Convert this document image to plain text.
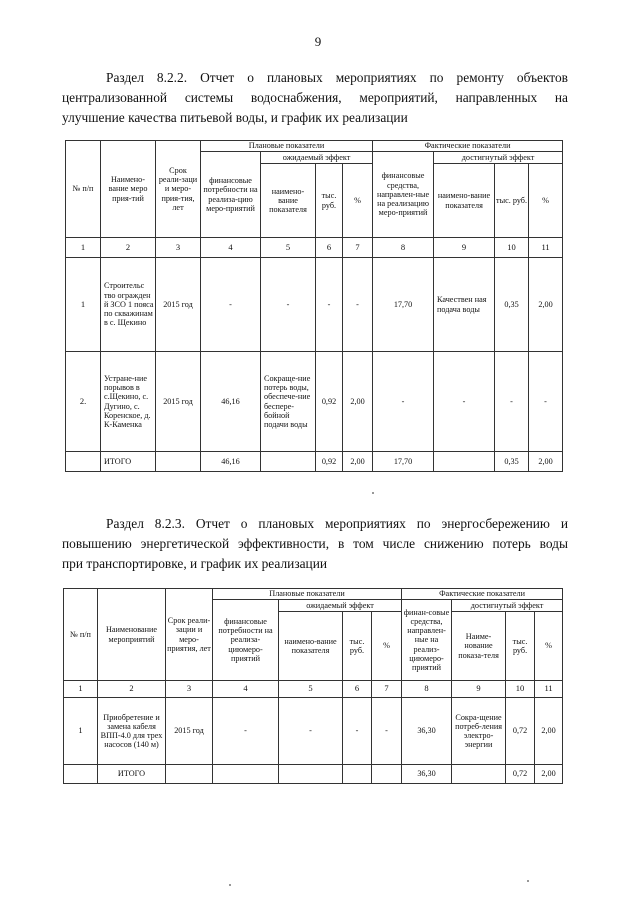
9
Раздел 8.2.2. Отчет о плановых мероприятиях по ремонту объектов
централизованной системы водоснабжения, мероприятий, направленных на
улучшение качества питьевой воды, и график их реализации
№ п/п	Наимено-вание меро прия-тий	Срок реали-заци и меро-прия-тия, лет	Плановые показатели				Фактические показатели			
			финансовые потребности на реализа-цию меро-приятий	ожидаемый эффект			финансовые средства, направлен-ные на реализацию меро-приятий	достигнутый эффект		
				наимено-вание показателя	тыс. руб.	%		наимено-вание показателя	тыс. руб.	%
1	2	3	4	5	6	7	8	9	10	11
1	Строительс тво огражден й ЗСО 1 пояса по скважинам в с. Щекино	2015 год	-	-	-	-	17,70	Качествен ная подача воды	0,35	2,00
2.	Устране-ние порывов в с.Щекино, с. Дугино, с. Коренское, д. К-Каменка	2015 год	46,16	Сокраще-ние потерь воды, обеспече-ние беспере-бойной подачи воды	0,92	2,00	-	-	-	-
	ИТОГО		46,16		0,92	2,00	17,70		0,35	2,00
Раздел 8.2.3. Отчет о плановых мероприятиях по энергосбережению и
повышению энергетической эффективности, в том числе снижению потерь воды
при транспортировке, и график их реализации
№ п/п	Наименование мероприятий	Срок реали-зации и меро-приятия, лет	Плановые показатели				Фактические показатели			
			финансовые потребности на реализа-циюмеро-приятий	ожидаемый эффект			финан-совые средства, направлен-ные на реализ-циюмеро-приятий	достигнутый эффект		
				наимено-вание показателя	тыс. руб.	%		Наиме-нование показа-теля	тыс. руб.	%
1	2	3	4	5	6	7	8	9	10	11
1	Приобретение и замена кабеля ВПП-4.0 для трех насосов (140 м)	2015 год	-	-	-	-	36,30	Сокра-щение потреб-ления электро-энергии	0,72	2,00
	ИТОГО						36,30		0,72	2,00
